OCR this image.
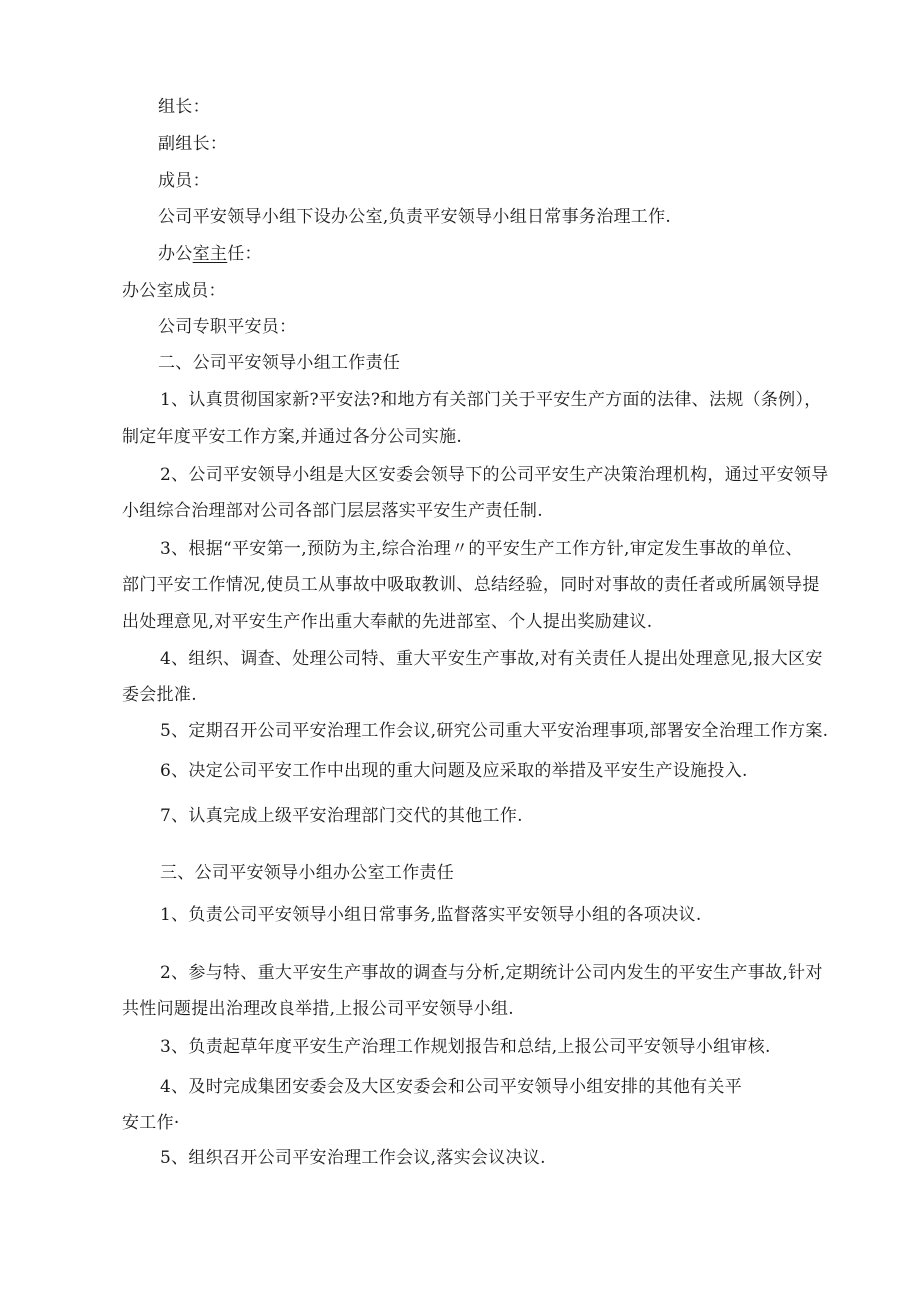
组长：
副组长：
成员：
公司平安领导小组下设办公室,负责平安领导小组日常事务治理工作.
办公室主任：
办公室成员：
公司专职平安员：
二、公司平安领导小组工作责任
1、认真贯彻国家新?平安法?和地方有关部门关于平安生产方面的法律、法规（条例），
制定年度平安工作方案,并通过各分公司实施.
2、公司平安领导小组是大区安委会领导下的公司平安生产决策治理机构，通过平安领导
小组综合治理部对公司各部门层层落实平安生产责任制.
3、根据“平安第一,预防为主,综合治理〃的平安生产工作方针,审定发生事故的单位、
部门平安工作情况,使员工从事故中吸取教训、总结经验，同时对事故的责任者或所属领导提
出处理意见,对平安生产作出重大奉献的先进部室、个人提出奖励建议.
4、组织、调查、处理公司特、重大平安生产事故,对有关责任人提出处理意见,报大区安
委会批准.
5、定期召开公司平安治理工作会议,研究公司重大平安治理事项,部署安全治理工作方案.
6、决定公司平安工作中出现的重大问题及应采取的举措及平安生产设施投入.
7、认真完成上级平安治理部门交代的其他工作.
三、公司平安领导小组办公室工作责任
1、负责公司平安领导小组日常事务,监督落实平安领导小组的各项决议.
2、参与特、重大平安生产事故的调查与分析,定期统计公司内发生的平安生产事故,针对
共性问题提出治理改良举措,上报公司平安领导小组.
3、负责起草年度平安生产治理工作规划报告和总结,上报公司平安领导小组审核.
4、及时完成集团安委会及大区安委会和公司平安领导小组安排的其他有关平
安工作·
5、组织召开公司平安治理工作会议,落实会议决议.
